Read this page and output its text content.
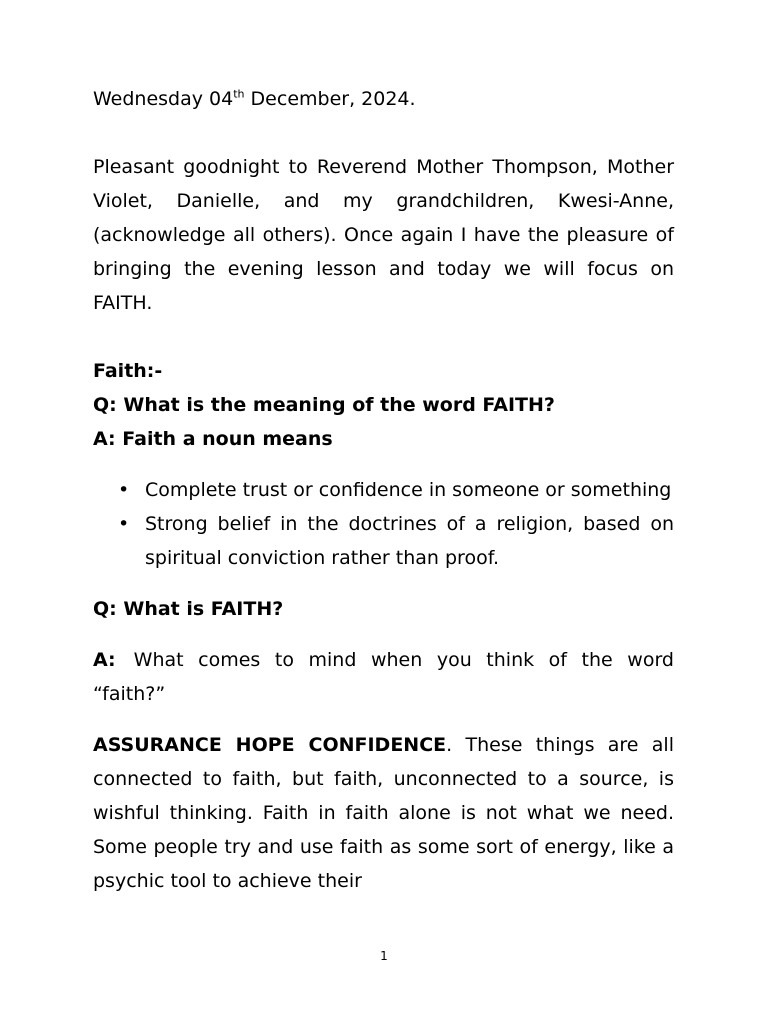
Wednesday 04th December, 2024.

Pleasant goodnight to Reverend Mother Thompson, Mother Violet, Danielle, and my grandchildren, Kwesi-Anne, (acknowledge all others). Once again I have the pleasure of bringing the evening lesson and today we will focus on FAITH.

Faith:-

Q: What is the meaning of the word FAITH?

A: Faith a noun means

• Complete trust or confidence in someone or something
• Strong belief in the doctrines of a religion, based on spiritual conviction rather than proof.

Q: What is FAITH?

A: What comes to mind when you think of the word “faith?”

ASSURANCE HOPE CONFIDENCE. These things are all connected to faith, but faith, unconnected to a source, is wishful thinking. Faith in faith alone is not what we need. Some people try and use faith as some sort of energy, like a psychic tool to achieve their

1
